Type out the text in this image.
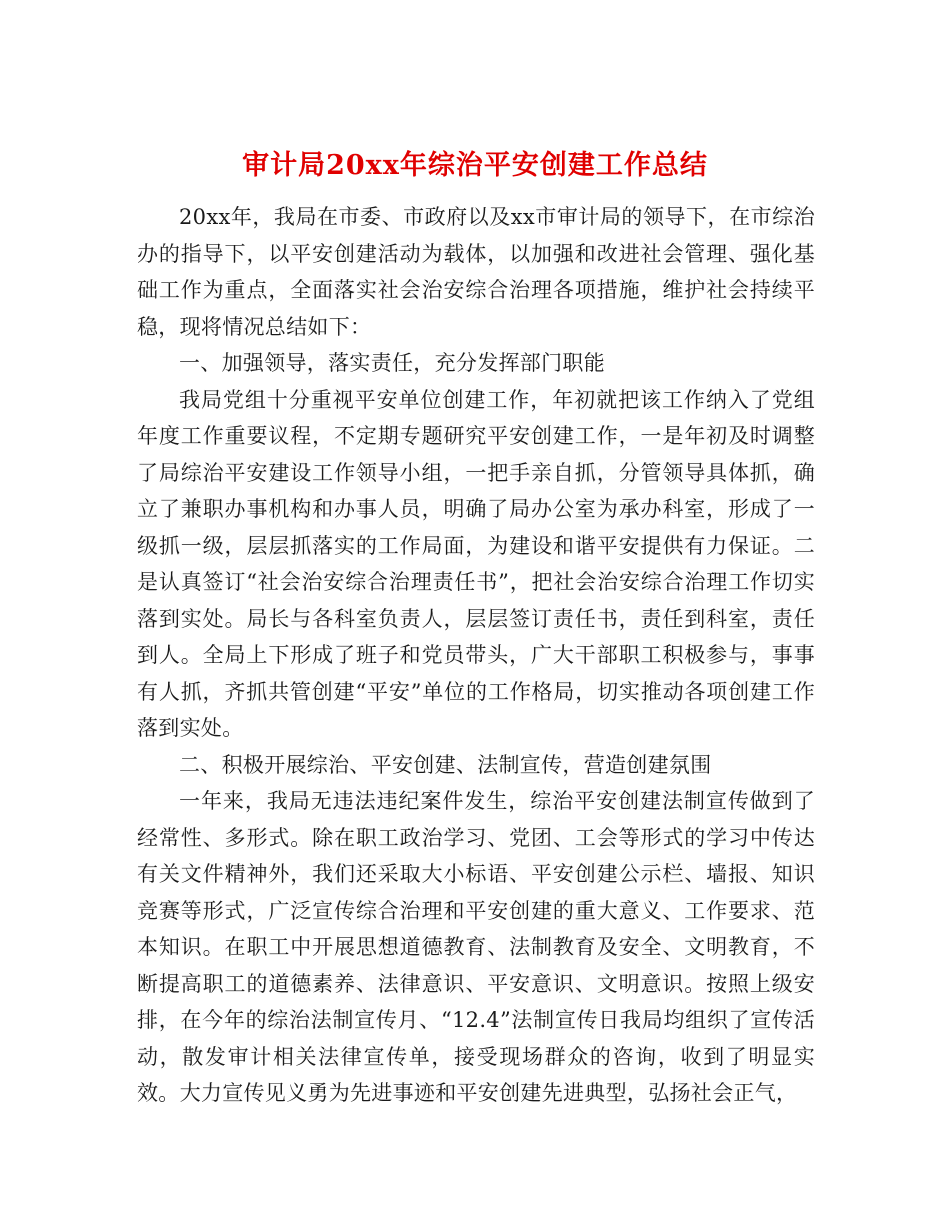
审计局20xx年综治平安创建工作总结

20xx年，我局在市委、市政府以及xx市审计局的领导下，在市综治办的指导下，以平安创建活动为载体，以加强和改进社会管理、强化基础工作为重点，全面落实社会治安综合治理各项措施，维护社会持续平稳，现将情况总结如下：

一、加强领导，落实责任，充分发挥部门职能

我局党组十分重视平安单位创建工作，年初就把该工作纳入了党组年度工作重要议程，不定期专题研究平安创建工作，一是年初及时调整了局综治平安建设工作领导小组，一把手亲自抓，分管领导具体抓，确立了兼职办事机构和办事人员，明确了局办公室为承办科室，形成了一级抓一级，层层抓落实的工作局面，为建设和谐平安提供有力保证。二是认真签订“社会治安综合治理责任书”，把社会治安综合治理工作切实落到实处。局长与各科室负责人，层层签订责任书，责任到科室，责任到人。全局上下形成了班子和党员带头，广大干部职工积极参与，事事有人抓，齐抓共管创建“平安”单位的工作格局，切实推动各项创建工作落到实处。

二、积极开展综治、平安创建、法制宣传，营造创建氛围

一年来，我局无违法违纪案件发生，综治平安创建法制宣传做到了经常性、多形式。除在职工政治学习、党团、工会等形式的学习中传达有关文件精神外，我们还采取大小标语、平安创建公示栏、墙报、知识竞赛等形式，广泛宣传综合治理和平安创建的重大意义、工作要求、范本知识。在职工中开展思想道德教育、法制教育及安全、文明教育，不断提高职工的道德素养、法律意识、平安意识、文明意识。按照上级安排，在今年的综治法制宣传月、“12.4”法制宣传日我局均组织了宣传活动，散发审计相关法律宣传单，接受现场群众的咨询，收到了明显实效。大力宣传见义勇为先进事迹和平安创建先进典型，弘扬社会正气，
